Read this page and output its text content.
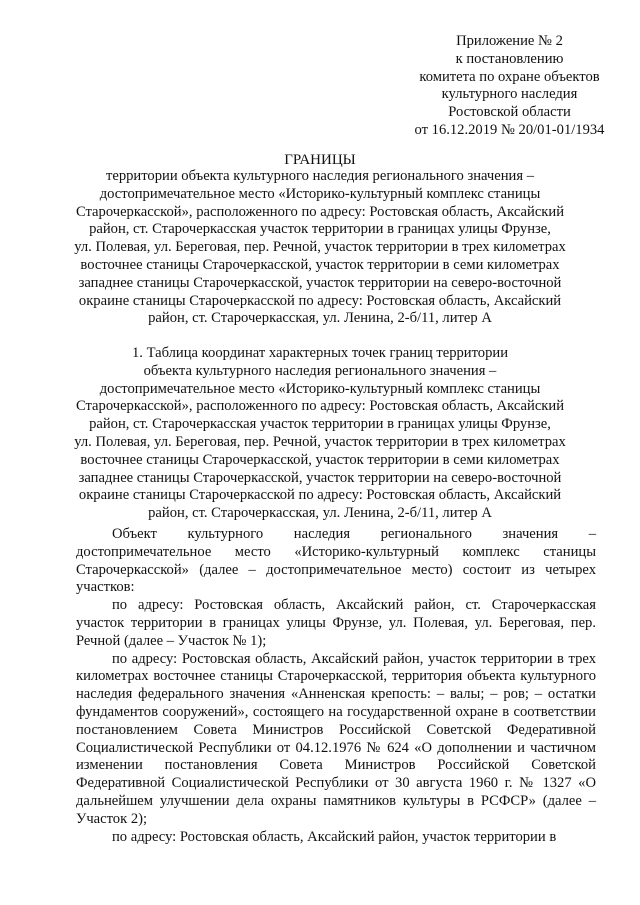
Приложение № 2
к постановлению
комитета по охране объектов
культурного наследия
Ростовской области
от 16.12.2019 № 20/01-01/1934
ГРАНИЦЫ
территории объекта культурного наследия регионального значения –
достопримечательное место «Историко-культурный комплекс станицы
Старочеркасской», расположенного по адресу: Ростовская область, Аксайский
район, ст. Старочеркасская участок территории в границах улицы Фрунзе,
ул. Полевая, ул. Береговая, пер. Речной, участок территории в трех километрах
восточнее станицы Старочеркасской, участок территории в семи километрах
западнее станицы Старочеркасской, участок территории на северо-восточной
окраине станицы Старочеркасской по адресу: Ростовская область, Аксайский
район, ст. Старочеркасская, ул. Ленина, 2-б/11, литер А
1. Таблица координат характерных точек границ территории
объекта культурного наследия регионального значения –
достопримечательное место «Историко-культурный комплекс станицы
Старочеркасской», расположенного по адресу: Ростовская область, Аксайский
район, ст. Старочеркасская участок территории в границах улицы Фрунзе,
ул. Полевая, ул. Береговая, пер. Речной, участок территории в трех километрах
восточнее станицы Старочеркасской, участок территории в семи километрах
западнее станицы Старочеркасской, участок территории на северо-восточной
окраине станицы Старочеркасской по адресу: Ростовская область, Аксайский
район, ст. Старочеркасская, ул. Ленина, 2-б/11, литер А

Объект культурного наследия регионального значения – достопримечательное место «Историко-культурный комплекс станицы Старочеркасской» (далее – достопримечательное место) состоит из четырех участков:

по адресу: Ростовская область, Аксайский район, ст. Старочеркасская участок территории в границах улицы Фрунзе, ул. Полевая, ул. Береговая, пер. Речной (далее – Участок № 1);

по адресу: Ростовская область, Аксайский район, участок территории в трех километрах восточнее станицы Старочеркасской, территория объекта культурного наследия федерального значения «Анненская крепость: – валы; – ров; – остатки фундаментов сооружений», состоящего на государственной охране в соответствии постановлением Совета Министров Российской Советской Федеративной Социалистической Республики от 04.12.1976 № 624 «О дополнении и частичном изменении постановления Совета Министров Российской Советской Федеративной Социалистической Республики от 30 августа 1960 г. № 1327 «О дальнейшем улучшении дела охраны памятников культуры в РСФСР» (далее – Участок 2);

по адресу: Ростовская область, Аксайский район, участок территории в
